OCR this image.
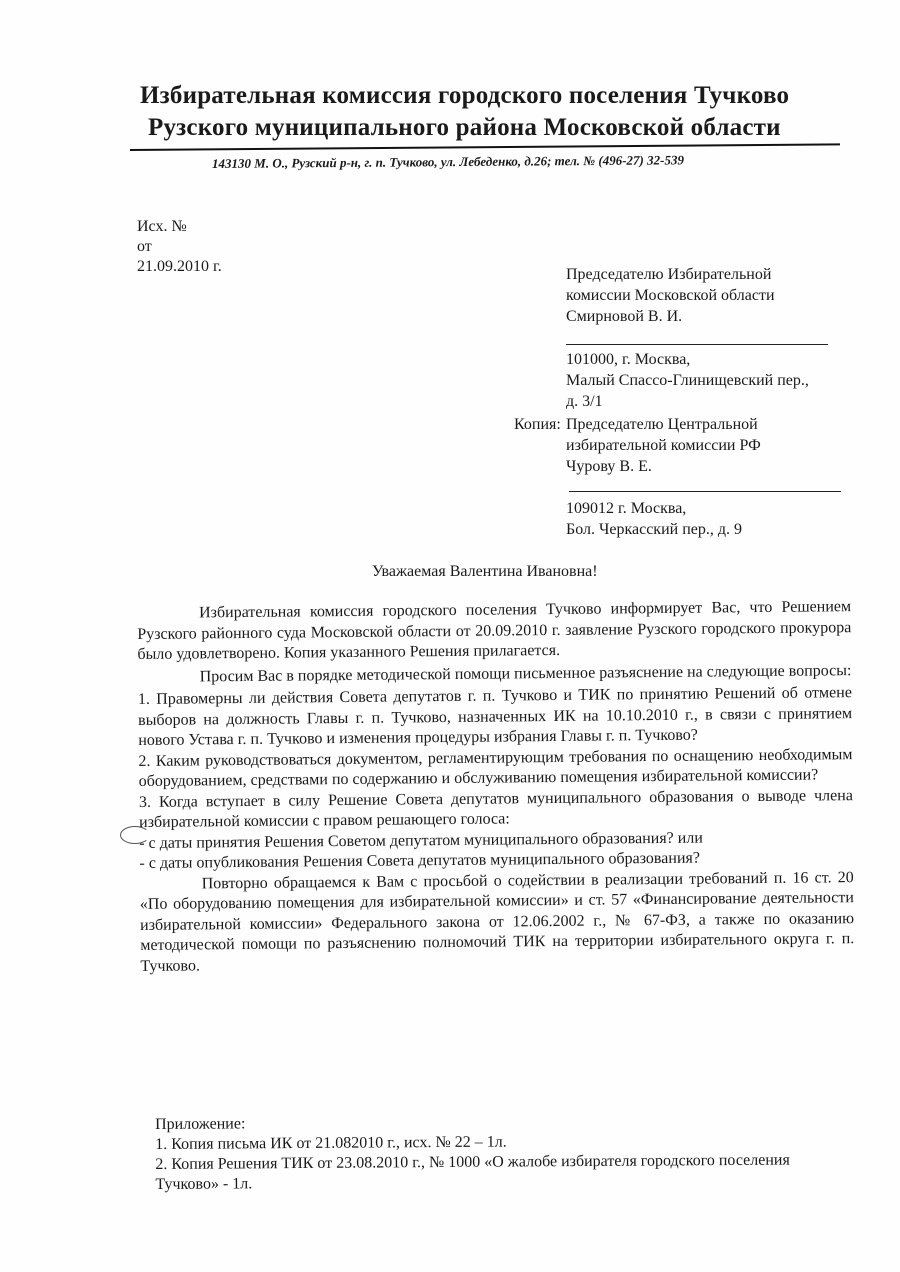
Избирательная комиссия городского поселения Тучково
Рузского муниципального района Московской области
143130 М. О., Рузский р-н, г. п. Тучково, ул. Лебеденко, д.26; тел. № (496-27) 32-539
Исх. №
от
21.09.2010 г.	Председателю Избирательной
комиссии Московской области
Смирновой В. И.
101000, г. Москва,
Малый Спассо-Глинищевский пер.,
д. 3/1
Копия: Председателю Центральной
избирательной комиссии РФ
Чурову В. Е.
109012 г. Москва,
Бол. Черкасский пер., д. 9
Уважаемая Валентина Ивановна!

Избирательная комиссия городского поселения Тучково информирует Вас, что Решением Рузского районного суда Московской области от 20.09.2010 г. заявление Рузского городского прокурора было удовлетворено. Копия указанного Решения прилагается.

Просим Вас в порядке методической помощи письменное разъяснение на следующие вопросы:

1. Правомерны ли действия Совета депутатов г. п. Тучково и ТИК по принятию Решений об отмене выборов на должность Главы г. п. Тучково, назначенных ИК на 10.10.2010 г., в связи с принятием нового Устава г. п. Тучково и изменения процедуры избрания Главы г. п. Тучково?

2. Каким руководствоваться документом, регламентирующим требования по оснащению необходимым оборудованием, средствами по содержанию и обслуживанию помещения избирательной комиссии?

3. Когда вступает в силу Решение Совета депутатов муниципального образования о выводе члена избирательной комиссии с правом решающего голоса:

- с даты принятия Решения Советом депутатом муниципального образования? или

- с даты опубликования Решения Совета депутатов муниципального образования?

Повторно обращаемся к Вам с просьбой о содействии в реализации требований п. 16 ст. 20 «По оборудованию помещения для избирательной комиссии» и ст. 57 «Финансирование деятельности избирательной комиссии» Федерального закона от 12.06.2002 г., № 67-ФЗ, а также по оказанию методической помощи по разъяснению полномочий ТИК на территории избирательного округа г. п. Тучково.

Приложение:

1. Копия письма ИК от 21.082010 г., исх. № 22 – 1л.

2. Копия Решения ТИК от 23.08.2010 г., № 1000 «О жалобе избирателя городского поселения Тучково» - 1л.
